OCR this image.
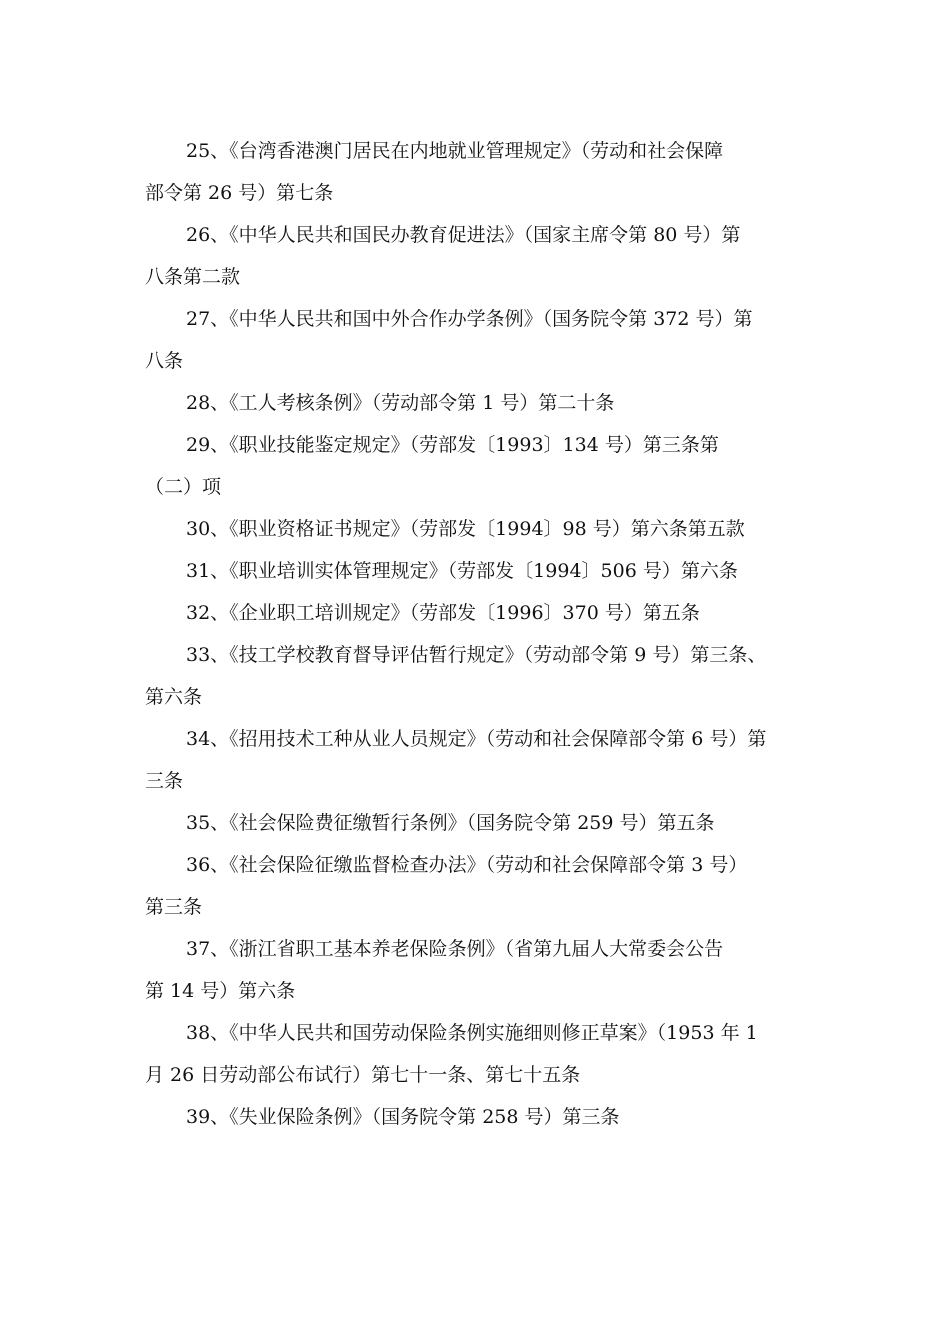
25、《台湾香港澳门居民在内地就业管理规定》（劳动和社会保障
部令第 26 号）第七条

26、《中华人民共和国民办教育促进法》（国家主席令第 80 号）第
八条第二款

27、《中华人民共和国中外合作办学条例》（国务院令第 372 号）第
八条

28、《工人考核条例》（劳动部令第 1 号）第二十条

29、《职业技能鉴定规定》（劳部发〔1993〕134 号）第三条第
（二）项

30、《职业资格证书规定》（劳部发〔1994〕98 号）第六条第五款

31、《职业培训实体管理规定》（劳部发〔1994〕506 号）第六条

32、《企业职工培训规定》（劳部发〔1996〕370 号）第五条

33、《技工学校教育督导评估暂行规定》（劳动部令第 9 号）第三条、
第六条

34、《招用技术工种从业人员规定》（劳动和社会保障部令第 6 号）第
三条

35、《社会保险费征缴暂行条例》（国务院令第 259 号）第五条

36、《社会保险征缴监督检查办法》（劳动和社会保障部令第 3 号）
第三条

37、《浙江省职工基本养老保险条例》（省第九届人大常委会公告
第 14 号）第六条

38、《中华人民共和国劳动保险条例实施细则修正草案》（1953 年 1
月 26 日劳动部公布试行）第七十一条、第七十五条

39、《失业保险条例》（国务院令第 258 号）第三条
